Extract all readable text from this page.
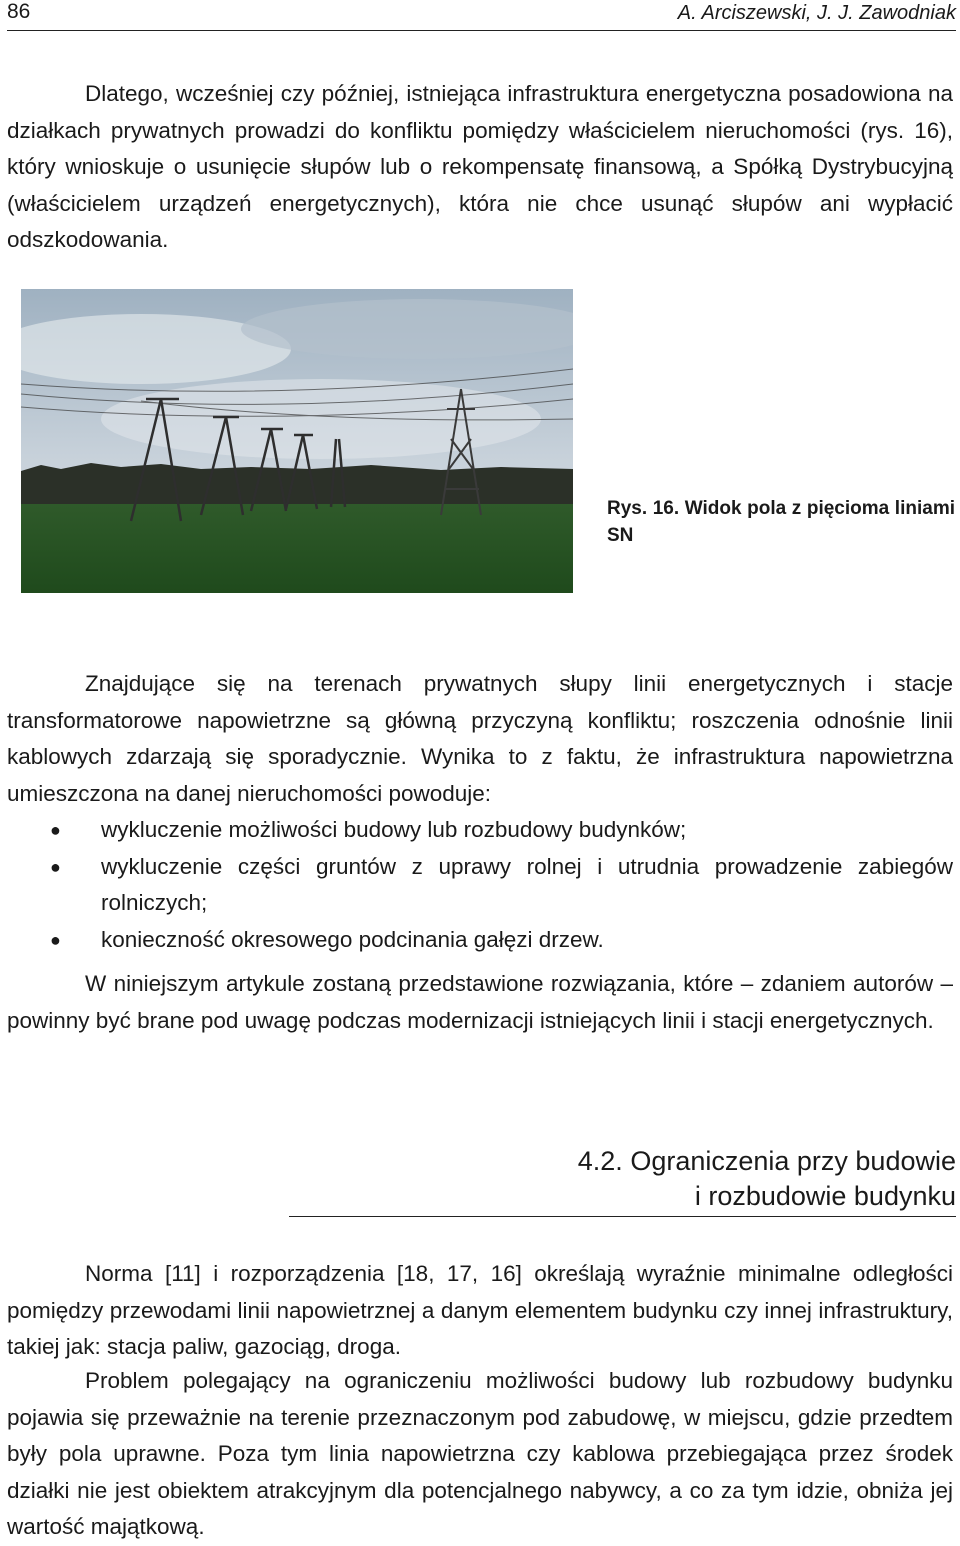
86	A. Arciszewski, J. J. Zawodniak

Dlatego, wcześniej czy później, istniejąca infrastruktura energetyczna posadowiona na działkach prywatnych prowadzi do konfliktu pomiędzy właścicielem nieruchomości (rys. 16), który wnioskuje o usunięcie słupów lub o rekompensatę finansową, a Spółką Dystrybucyjną (właścicielem urządzeń energetycznych), która nie chce usunąć słupów ani wypłacić odszkodowania.

Rys. 16. Widok pola z pięcioma liniami SN

Znajdujące się na terenach prywatnych słupy linii energetycznych i stacje transformatorowe napowietrzne są główną przyczyną konfliktu; roszczenia odnośnie linii kablowych zdarzają się sporadycznie. Wynika to z faktu, że infrastruktura napowietrzna umieszczona na danej nieruchomości powoduje:

● wykluczenie możliwości budowy lub rozbudowy budynków;
● wykluczenie części gruntów z uprawy rolnej i utrudnia prowadzenie zabiegów rolniczych;
● konieczność okresowego podcinania gałęzi drzew.

W niniejszym artykule zostaną przedstawione rozwiązania, które – zdaniem autorów – powinny być brane pod uwagę podczas modernizacji istniejących linii i stacji energetycznych.

4.2. Ograniczenia przy budowie
i rozbudowie budynku

Norma [11] i rozporządzenia [18, 17, 16] określają wyraźnie minimalne odległości pomiędzy przewodami linii napowietrznej a danym elementem budynku czy innej infrastruktury, takiej jak: stacja paliw, gazociąg, droga.

Problem polegający na ograniczeniu możliwości budowy lub rozbudowy budynku pojawia się przeważnie na terenie przeznaczonym pod zabudowę, w miejscu, gdzie przedtem były pola uprawne. Poza tym linia napowietrzna czy kablowa przebiegająca przez środek działki nie jest obiektem atrakcyjnym dla potencjalnego nabywcy, a co za tym idzie, obniża jej wartość majątkową.
